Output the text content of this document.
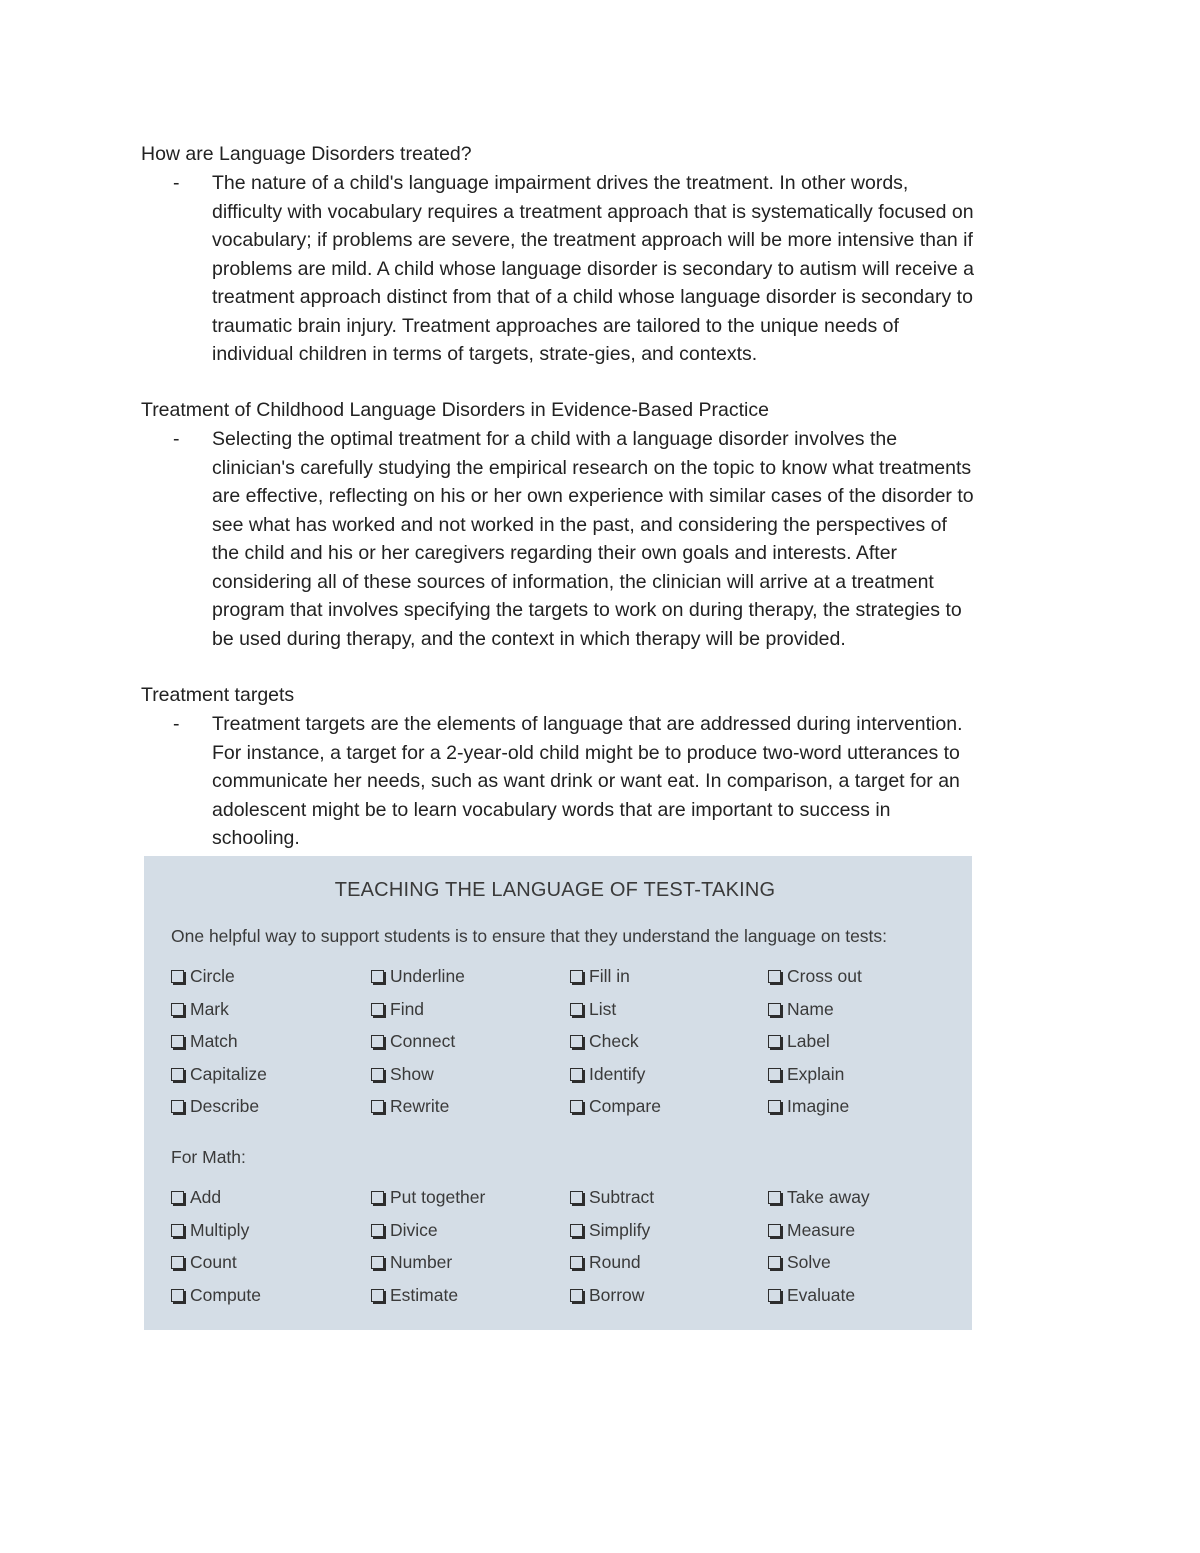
How are Language Disorders treated?

- The nature of a child's language impairment drives the treatment. In other words,
difficulty with vocabulary requires a treatment approach that is systematically focused on
vocabulary; if problems are severe, the treatment approach will be more intensive than if
problems are mild. A child whose language disorder is secondary to autism will receive a
treatment approach distinct from that of a child whose language disorder is secondary to
traumatic brain injury. Treatment approaches are tailored to the unique needs of
individual children in terms of targets, strate-gies, and contexts.

Treatment of Childhood Language Disorders in Evidence-Based Practice

- Selecting the optimal treatment for a child with a language disorder involves the
clinician's carefully studying the empirical research on the topic to know what treatments
are effective, reflecting on his or her own experience with similar cases of the disorder to
see what has worked and not worked in the past, and considering the perspectives of
the child and his or her caregivers regarding their own goals and interests. After
considering all of these sources of information, the clinician will arrive at a treatment
program that involves specifying the targets to work on during therapy, the strategies to
be used during therapy, and the context in which therapy will be provided.

Treatment targets

- Treatment targets are the elements of language that are addressed during intervention.
For instance, a target for a 2-year-old child might be to produce two-word utterances to
communicate her needs, such as want drink or want eat. In comparison, a target for an
adolescent might be to learn vocabulary words that are important to success in
schooling.
TEACHING THE LANGUAGE OF TEST-TAKING
One helpful way to support students is to ensure that they understand the language on tests:
Circle	Underline	Fill in	Cross out
Mark	Find	List	Name
Match	Connect	Check	Label
Capitalize	Show	Identify	Explain
Describe	Rewrite	Compare	Imagine
For Math:
Add	Put together	Subtract	Take away
Multiply	Divice	Simplify	Measure
Count	Number	Round	Solve
Compute	Estimate	Borrow	Evaluate
